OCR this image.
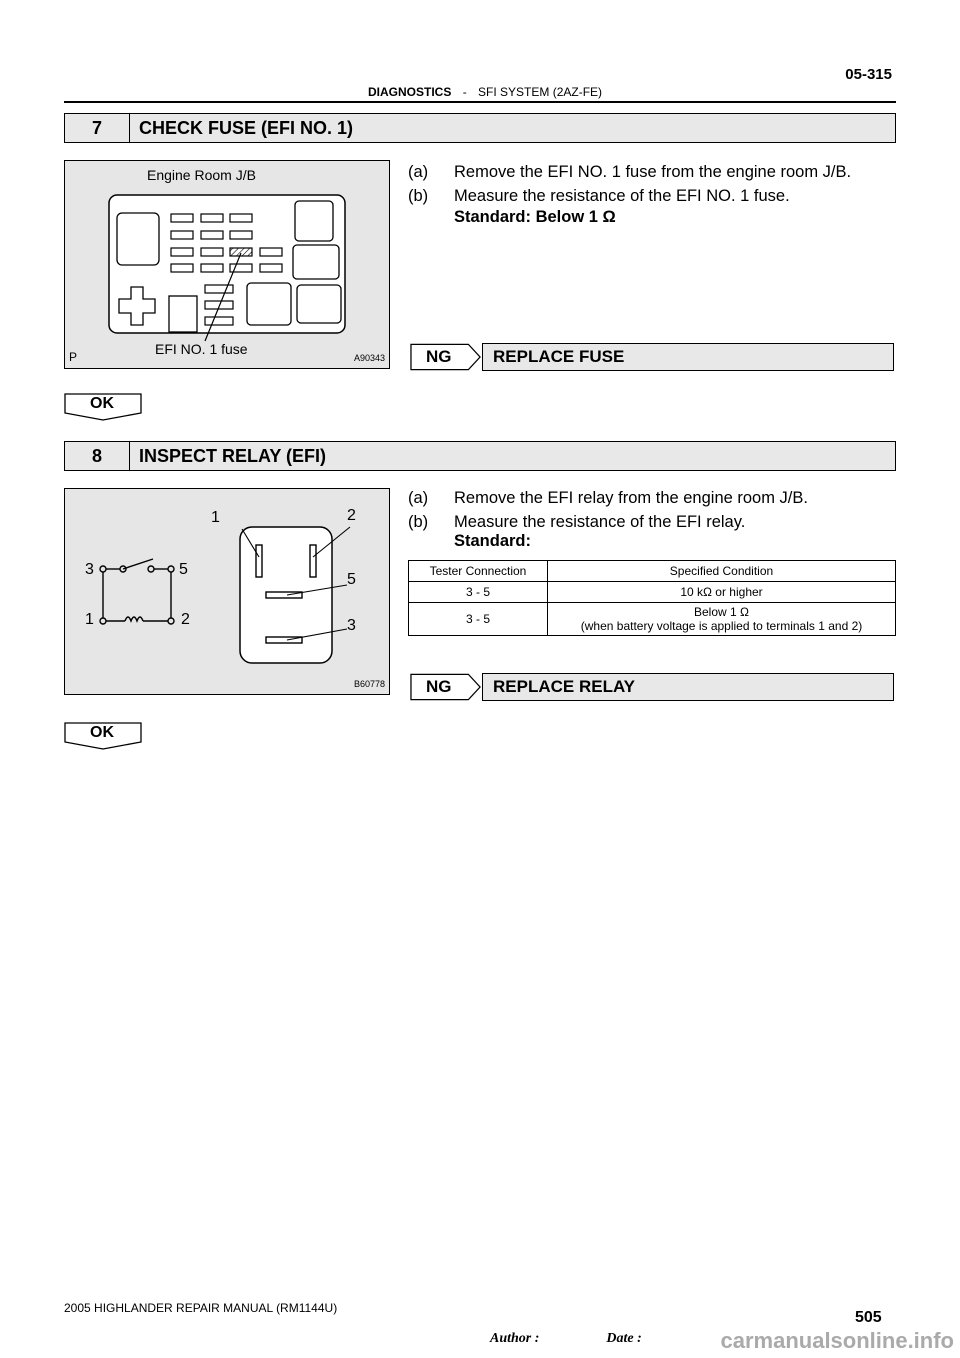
05-315
DIAGNOSTICS - SFI SYSTEM (2AZ-FE)
7	CHECK FUSE (EFI NO. 1)
Engine Room J/B
EFI NO. 1 fuse
P	A90343
(a) Remove the EFI NO. 1 fuse from the engine room J/B.
(b) Measure the resistance of the EFI NO. 1 fuse.
Standard: Below 1 Ω
NG	REPLACE FUSE
OK
8	INSPECT RELAY (EFI)
3	5
1	2
1	2
5
3
B60778
(a) Remove the EFI relay from the engine room J/B.
(b) Measure the resistance of the EFI relay.
Standard:
Tester Connection	Specified Condition
3 - 5	10 kΩ or higher
3 - 5	Below 1 Ω
(when battery voltage is applied to terminals 1 and 2)
NG	REPLACE RELAY
OK
2005 HIGHLANDER REPAIR MANUAL (RM1144U)
505
Author :	Date :	carmanualsonline.info
